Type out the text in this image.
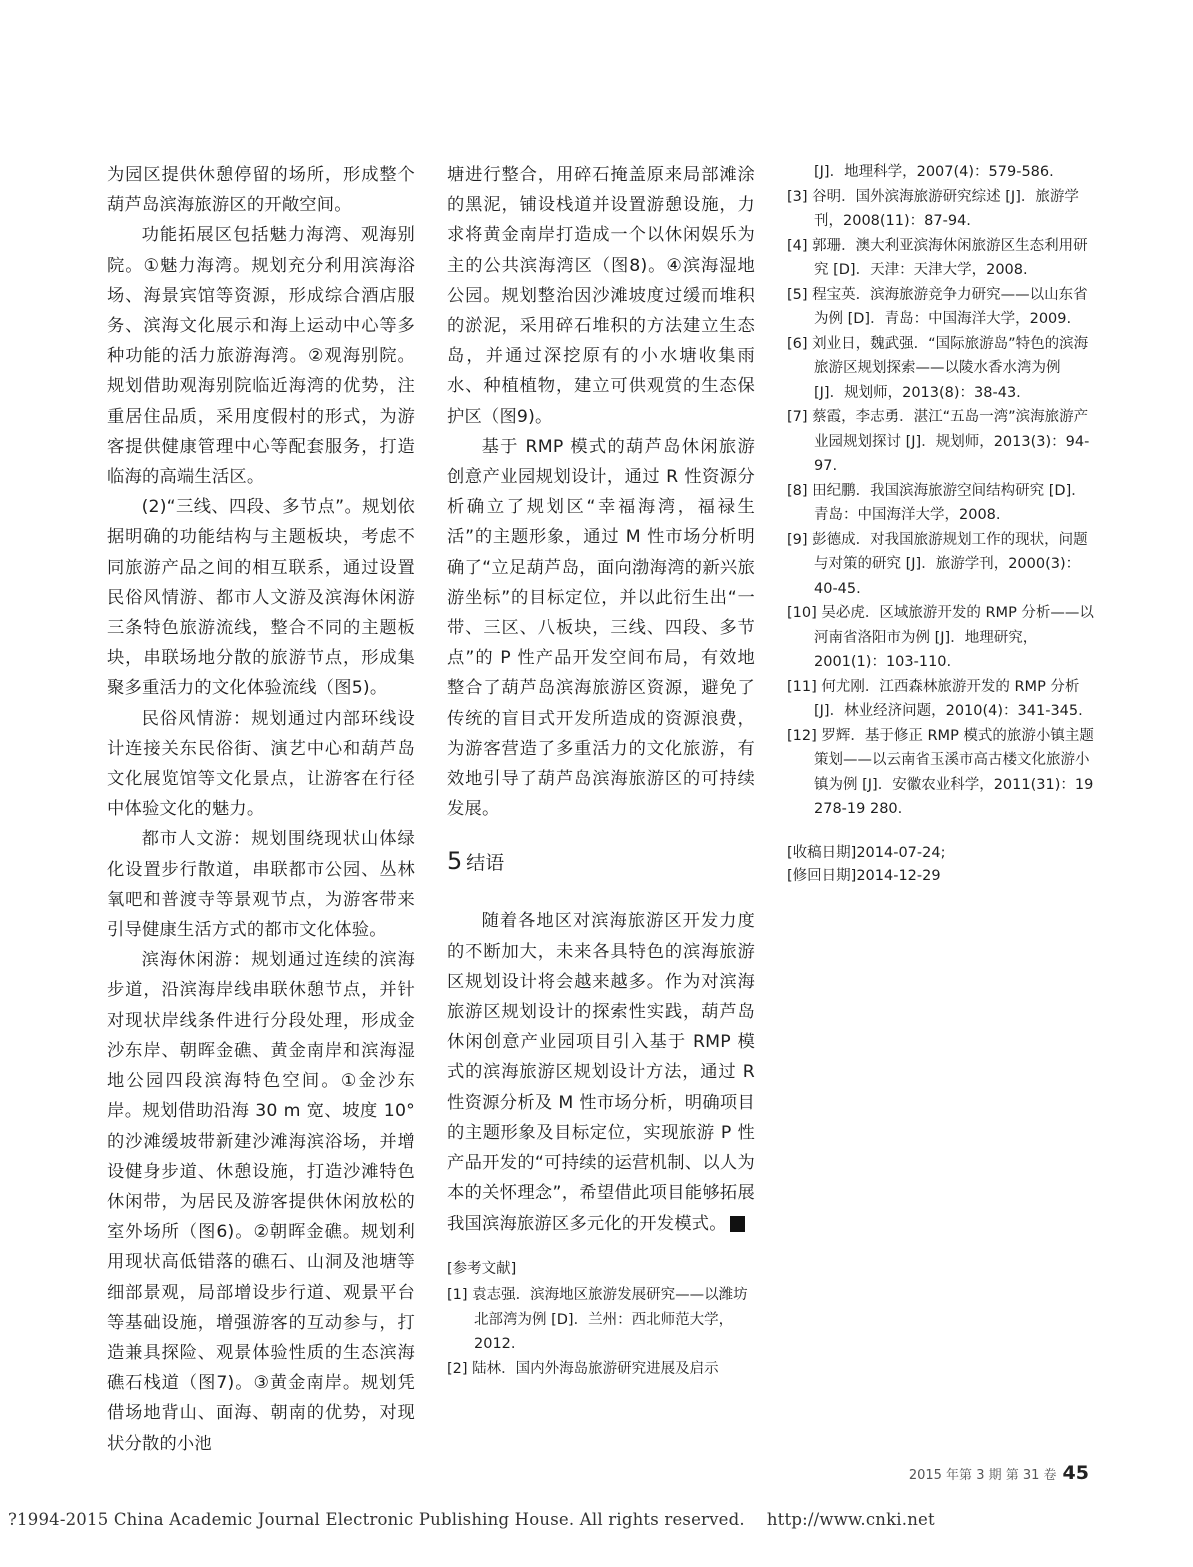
为园区提供休憩停留的场所，形成整个葫芦岛滨海旅游区的开敞空间。

功能拓展区包括魅力海湾、观海别院。①魅力海湾。规划充分利用滨海浴场、海景宾馆等资源，形成综合酒店服务、滨海文化展示和海上运动中心等多种功能的活力旅游海湾。②观海别院。规划借助观海别院临近海湾的优势，注重居住品质，采用度假村的形式，为游客提供健康管理中心等配套服务，打造临海的高端生活区。

(2)“三线、四段、多节点”。规划依据明确的功能结构与主题板块，考虑不同旅游产品之间的相互联系，通过设置民俗风情游、都市人文游及滨海休闲游三条特色旅游流线，整合不同的主题板块，串联场地分散的旅游节点，形成集聚多重活力的文化体验流线（图5)。

民俗风情游：规划通过内部环线设计连接关东民俗街、演艺中心和葫芦岛文化展览馆等文化景点，让游客在行径中体验文化的魅力。

都市人文游：规划围绕现状山体绿化设置步行散道，串联都市公园、丛林氧吧和普渡寺等景观节点，为游客带来引导健康生活方式的都市文化体验。

滨海休闲游：规划通过连续的滨海步道，沿滨海岸线串联休憩节点，并针对现状岸线条件进行分段处理，形成金沙东岸、朝晖金礁、黄金南岸和滨海湿地公园四段滨海特色空间。①金沙东岸。规划借助沿海 30 m 宽、坡度 10°的沙滩缓坡带新建沙滩海滨浴场，并增设健身步道、休憩设施，打造沙滩特色休闲带，为居民及游客提供休闲放松的室外场所（图6)。②朝晖金礁。规划利用现状高低错落的礁石、山洞及池塘等细部景观，局部增设步行道、观景平台等基础设施，增强游客的互动参与，打造兼具探险、观景体验性质的生态滨海礁石栈道（图7)。③黄金南岸。规划凭借场地背山、面海、朝南的优势，对现状分散的小池

塘进行整合，用碎石掩盖原来局部滩涂的黑泥，铺设栈道并设置游憩设施，力求将黄金南岸打造成一个以休闲娱乐为主的公共滨海湾区（图8)。④滨海湿地公园。规划整治因沙滩坡度过缓而堆积的淤泥，采用碎石堆积的方法建立生态岛，并通过深挖原有的小水塘收集雨水、种植植物，建立可供观赏的生态保护区（图9)。

基于 RMP 模式的葫芦岛休闲旅游创意产业园规划设计，通过 R 性资源分析确立了规划区“幸福海湾，福禄生活”的主题形象，通过 M 性市场分析明确了“立足葫芦岛，面向渤海湾的新兴旅游坐标”的目标定位，并以此衍生出“一带、三区、八板块，三线、四段、多节点”的 P 性产品开发空间布局，有效地整合了葫芦岛滨海旅游区资源，避免了传统的盲目式开发所造成的资源浪费，为游客营造了多重活力的文化旅游，有效地引导了葫芦岛滨海旅游区的可持续发展。

5 结语

随着各地区对滨海旅游区开发力度的不断加大，未来各具特色的滨海旅游区规划设计将会越来越多。作为对滨海旅游区规划设计的探索性实践，葫芦岛休闲创意产业园项目引入基于 RMP 模式的滨海旅游区规划设计方法，通过 R 性资源分析及 M 性市场分析，明确项目的主题形象及目标定位，实现旅游 P 性产品开发的“可持续的运营机制、以人为本的关怀理念”，希望借此项目能够拓展我国滨海旅游区多元化的开发模式。	P

[参考文献]
[1] 袁志强．滨海地区旅游发展研究——以潍坊北部湾为例 [D]．兰州：西北师范大学，2012.
[2] 陆林．国内外海岛旅游研究进展及启示
[J]．地理科学，2007(4)：579-586.
[3] 谷明．国外滨海旅游研究综述 [J]．旅游学刊，2008(11)：87-94.
[4] 郭珊．澳大利亚滨海休闲旅游区生态利用研究 [D]．天津：天津大学，2008.
[5] 程宝英．滨海旅游竞争力研究——以山东省为例 [D]．青岛：中国海洋大学，2009.
[6] 刘业日，魏武强．“国际旅游岛”特色的滨海旅游区规划探索——以陵水香水湾为例 [J]．规划师，2013(8)：38-43.
[7] 蔡霞，李志勇．湛江“五岛一湾”滨海旅游产业园规划探讨 [J]．规划师，2013(3)：94-97.
[8] 田纪鹏．我国滨海旅游空间结构研究 [D]．青岛：中国海洋大学，2008.
[9] 彭德成．对我国旅游规划工作的现状，问题与对策的研究 [J]．旅游学刊，2000(3)：40-45.
[10] 吴必虎．区域旅游开发的 RMP 分析——以河南省洛阳市为例 [J]．地理研究，2001(1)：103-110.
[11] 何尤刚．江西森林旅游开发的 RMP 分析 [J]．林业经济问题，2010(4)：341-345.
[12] 罗辉．基于修正 RMP 模式的旅游小镇主题策划——以云南省玉溪市高古楼文化旅游小镇为例 [J]．安徽农业科学，2011(31)：19 278-19 280.
[收稿日期]2014-07-24;
[修回日期]2014-12-29
2015 年第 3 期 第 31 卷 45
?1994-2015 China Academic Journal Electronic Publishing House. All rights reserved. http://www.cnki.net
